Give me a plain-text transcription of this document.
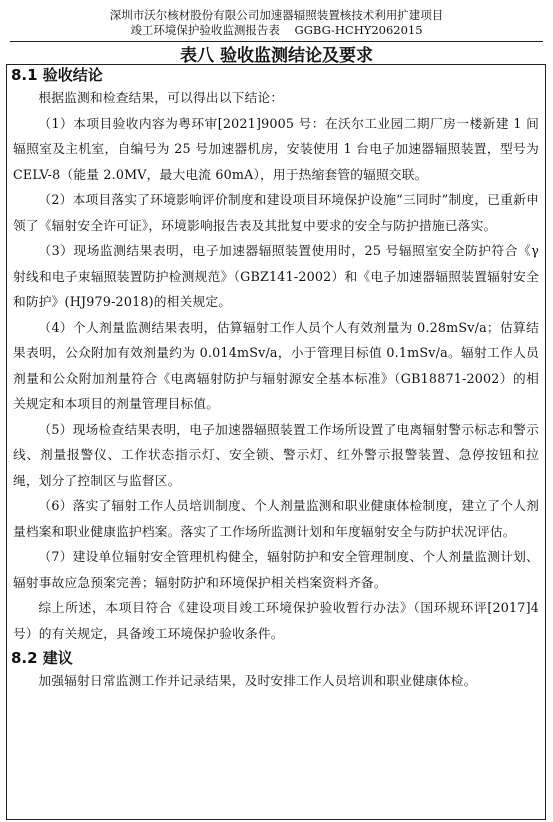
深圳市沃尔核材股份有限公司加速器辐照装置核技术利用扩建项目
竣工环境保护验收监测报告表    GGBG-HCHY2062015
表八 验收监测结论及要求
8.1 验收结论

根据监测和检查结果，可以得出以下结论：

（1）本项目验收内容为粤环审[2021]9005 号：在沃尔工业园二期厂房一楼新建 1 间辐照室及主机室，自编号为 25 号加速器机房，安装使用 1 台电子加速器辐照装置，型号为 CELV-8（能量 2.0MV，最大电流 60mA），用于热缩套管的辐照交联。

（2）本项目落实了环境影响评价制度和建设项目环境保护设施“三同时”制度，已重新申领了《辐射安全许可证》，环境影响报告表及其批复中要求的安全与防护措施已落实。

（3）现场监测结果表明，电子加速器辐照装置使用时，25 号辐照室安全防护符合《γ射线和电子束辐照装置防护检测规范》（GBZ141-2002）和《电子加速器辐照装置辐射安全和防护》(HJ979-2018)的相关规定。

（4）个人剂量监测结果表明，估算辐射工作人员个人有效剂量为 0.28mSv/a；估算结果表明，公众附加有效剂量约为 0.014mSv/a，小于管理目标值 0.1mSv/a。辐射工作人员剂量和公众附加剂量符合《电离辐射防护与辐射源安全基本标准》（GB18871-2002）的相关规定和本项目的剂量管理目标值。

（5）现场检查结果表明，电子加速器辐照装置工作场所设置了电离辐射警示标志和警示线、剂量报警仪、工作状态指示灯、安全锁、警示灯、红外警示报警装置、急停按钮和拉绳，划分了控制区与监督区。

（6）落实了辐射工作人员培训制度、个人剂量监测和职业健康体检制度，建立了个人剂量档案和职业健康监护档案。落实了工作场所监测计划和年度辐射安全与防护状况评估。

（7）建设单位辐射安全管理机构健全，辐射防护和安全管理制度、个人剂量监测计划、辐射事故应急预案完善；辐射防护和环境保护相关档案资料齐备。

综上所述，本项目符合《建设项目竣工环境保护验收暂行办法》（国环规环评[2017]4 号）的有关规定，具备竣工环境保护验收条件。

8.2 建议

加强辐射日常监测工作并记录结果，及时安排工作人员培训和职业健康体检。
